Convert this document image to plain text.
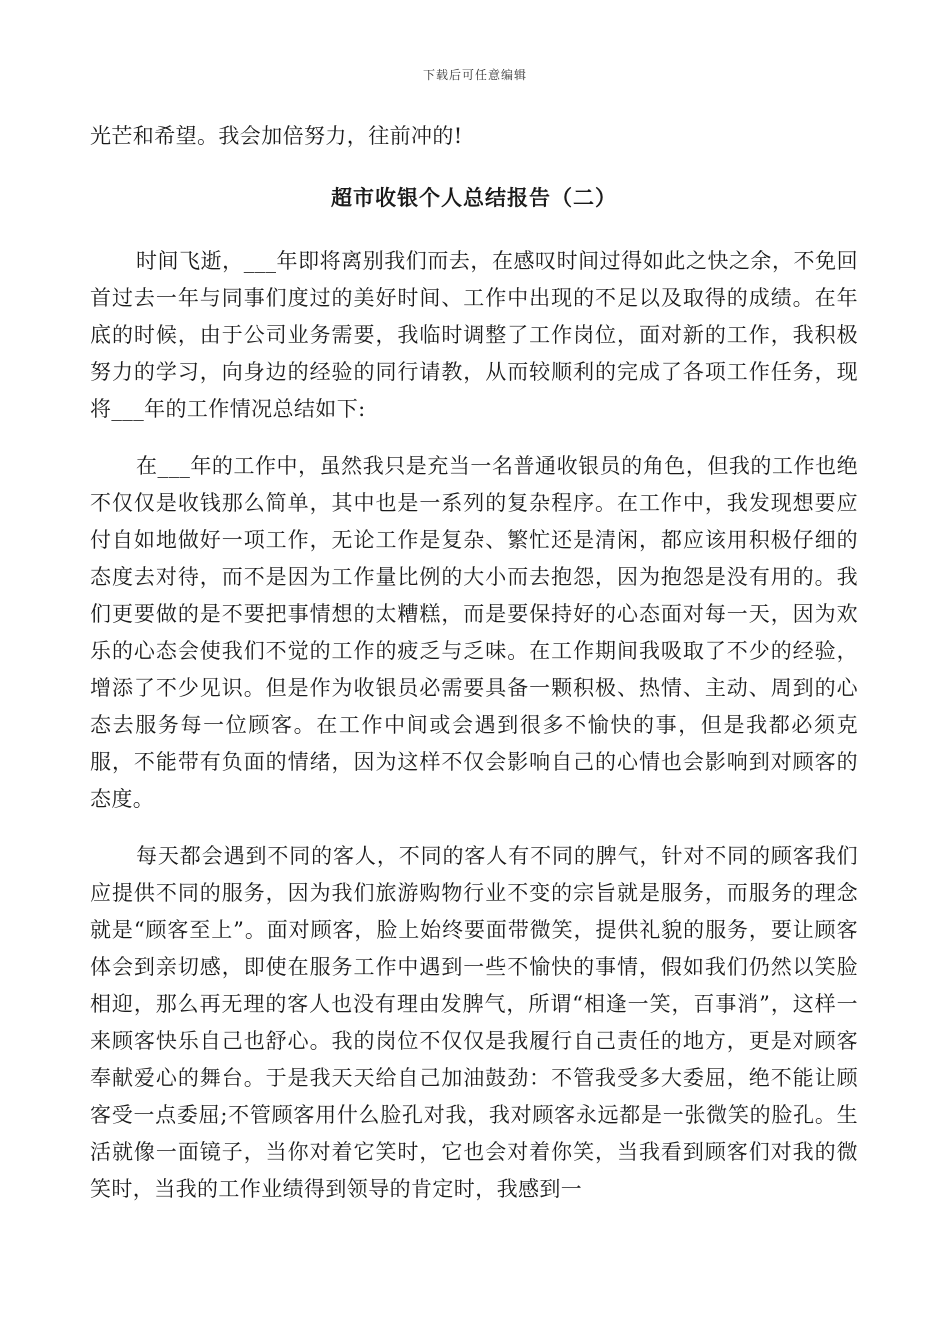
下载后可任意编辑

光芒和希望。我会加倍努力，往前冲的!

超市收银个人总结报告（二）

时间飞逝，___年即将离别我们而去，在感叹时间过得如此之快之余，不免回首过去一年与同事们度过的美好时间、工作中出现的不足以及取得的成绩。在年底的时候，由于公司业务需要，我临时调整了工作岗位，面对新的工作，我积极努力的学习，向身边的经验的同行请教，从而较顺利的完成了各项工作任务，现将___年的工作情况总结如下:

在___年的工作中，虽然我只是充当一名普通收银员的角色，但我的工作也绝不仅仅是收钱那么简单，其中也是一系列的复杂程序。在工作中，我发现想要应付自如地做好一项工作，无论工作是复杂、繁忙还是清闲，都应该用积极仔细的态度去对待，而不是因为工作量比例的大小而去抱怨，因为抱怨是没有用的。我们更要做的是不要把事情想的太糟糕，而是要保持好的心态面对每一天，因为欢乐的心态会使我们不觉的工作的疲乏与乏味。在工作期间我吸取了不少的经验，增添了不少见识。但是作为收银员必需要具备一颗积极、热情、主动、周到的心态去服务每一位顾客。在工作中间或会遇到很多不愉快的事，但是我都必须克服，不能带有负面的情绪，因为这样不仅会影响自己的心情也会影响到对顾客的态度。

每天都会遇到不同的客人，不同的客人有不同的脾气，针对不同的顾客我们应提供不同的服务，因为我们旅游购物行业不变的宗旨就是服务，而服务的理念就是“顾客至上”。面对顾客，脸上始终要面带微笑，提供礼貌的服务，要让顾客体会到亲切感，即使在服务工作中遇到一些不愉快的事情，假如我们仍然以笑脸相迎，那么再无理的客人也没有理由发脾气，所谓“相逢一笑，百事消”，这样一来顾客快乐自己也舒心。我的岗位不仅仅是我履行自己责任的地方，更是对顾客奉献爱心的舞台。于是我天天给自己加油鼓劲：不管我受多大委屈，绝不能让顾客受一点委屈;不管顾客用什么脸孔对我，我对顾客永远都是一张微笑的脸孔。生活就像一面镜子，当你对着它笑时，它也会对着你笑，当我看到顾客们对我的微笑时，当我的工作业绩得到领导的肯定时，我感到一
